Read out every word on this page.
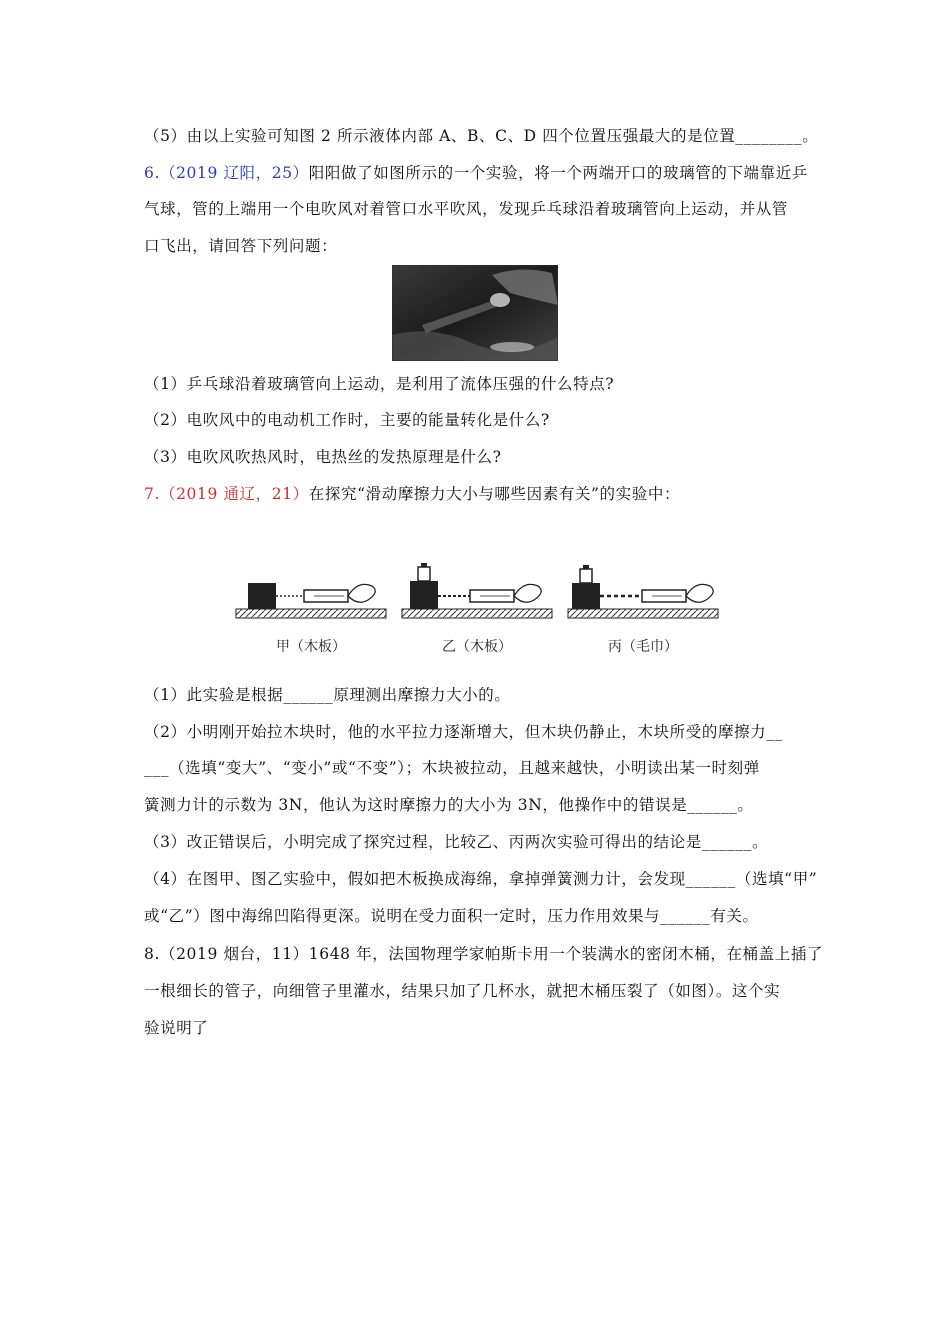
（5）由以上实验可知图 2 所示液体内部 A、B、C、D 四个位置压强最大的是位置________。
6.（2019 辽阳，25）阳阳做了如图所示的一个实验，将一个两端开口的玻璃管的下端靠近乒
气球，管的上端用一个电吹风对着管口水平吹风，发现乒乓球沿着玻璃管向上运动，并从管
口飞出，请回答下列问题：
（1）乒乓球沿着玻璃管向上运动，是利用了流体压强的什么特点?
（2）电吹风中的电动机工作时，主要的能量转化是什么?
（3）电吹风吹热风时，电热丝的发热原理是什么?
7.（2019 通辽，21）在探究“滑动摩擦力大小与哪些因素有关”的实验中：
甲（木板）	乙（木板）	丙（毛巾）
（1）此实验是根据______原理测出摩擦力大小的。
（2）小明刚开始拉木块时，他的水平拉力逐渐增大，但木块仍静止，木块所受的摩擦力__
___（选填“变大”、“变小”或“不变”）；木块被拉动，且越来越快，小明读出某一时刻弹
簧测力计的示数为 3N，他认为这时摩擦力的大小为 3N，他操作中的错误是______。
（3）改正错误后，小明完成了探究过程，比较乙、丙两次实验可得出的结论是______。
（4）在图甲、图乙实验中，假如把木板换成海绵，拿掉弹簧测力计，会发现______（选填“甲”
或“乙”）图中海绵凹陷得更深。说明在受力面积一定时，压力作用效果与______有关。
8.（2019 烟台，11）1648 年，法国物理学家帕斯卡用一个装满水的密闭木桶，在桶盖上插了
一根细长的管子，向细管子里灌水，结果只加了几杯水，就把木桶压裂了（如图）。这个实
验说明了
